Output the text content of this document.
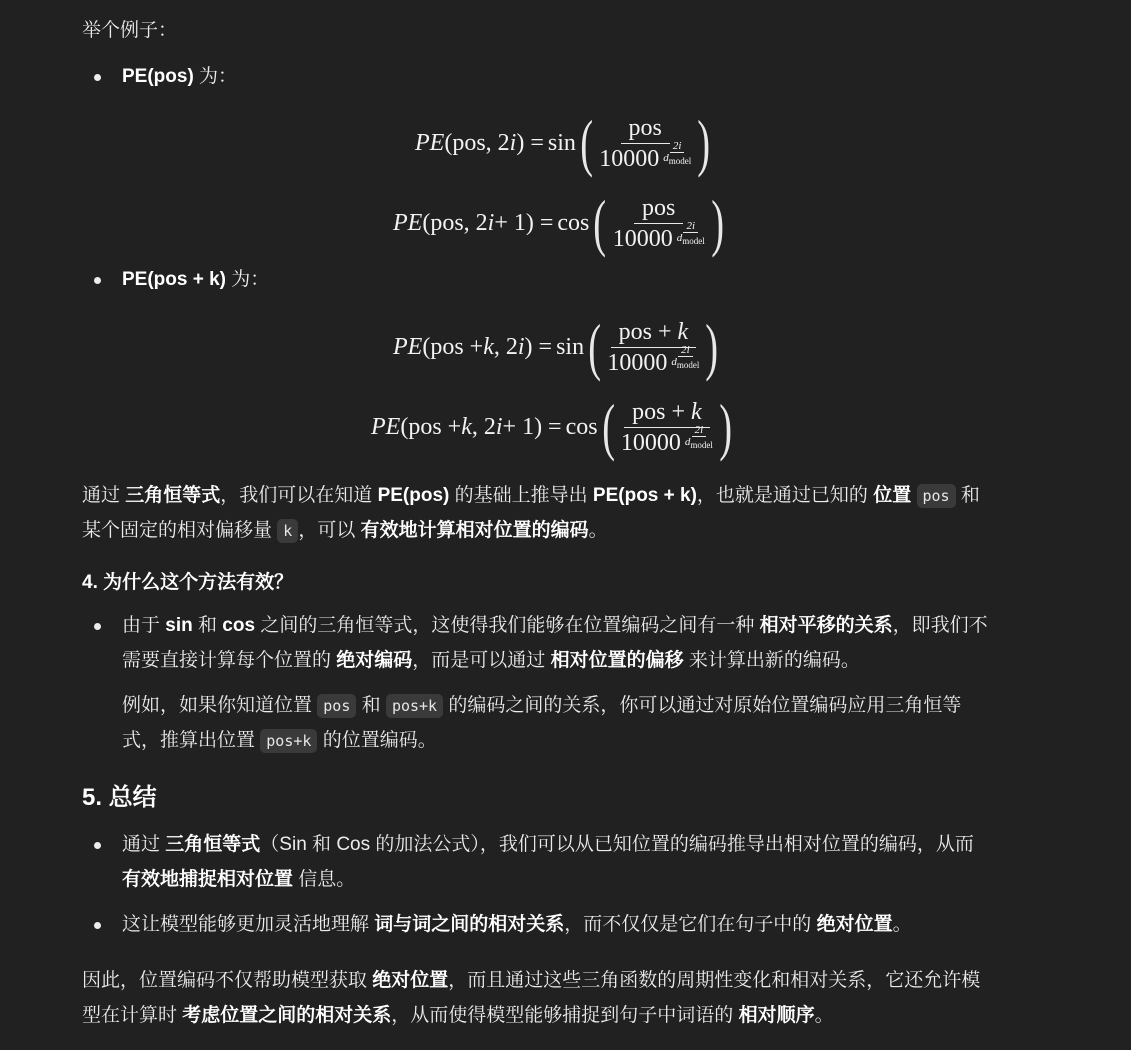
举个例子：
PE(pos) 为：
PE (pos, 2 i ) = sin ( pos
10000 2i
$d_{model}$ )
PE (pos, 2 i + 1) = cos ( pos
10000 2i
$d_{model}$ )
PE(pos + k) 为：
PE (pos + k , 2 i ) = sin ( pos + k
10000 2i
$d_{model}$ )
PE (pos + k , 2 i + 1) = cos ( pos + k
10000 2i
$d_{model}$ )
通过 三角恒等式，我们可以在知道 PE(pos) 的基础上推导出 PE(pos + k)，也就是通过已知的 位置 pos 和
某个固定的相对偏移量 k ，可以 有效地计算相对位置的编码。
4. 为什么这个方法有效？
由于 sin 和 cos 之间的三角恒等式，这使得我们能够在位置编码之间有一种 相对平移的关系，即我们不
需要直接计算每个位置的 绝对编码，而是可以通过 相对位置的偏移 来计算出新的编码。
例如，如果你知道位置 pos 和 pos+k 的编码之间的关系，你可以通过对原始位置编码应用三角恒等
式，推算出位置 pos+k 的位置编码。
5. 总结
通过 三角恒等式（Sin 和 Cos 的加法公式），我们可以从已知位置的编码推导出相对位置的编码，从而
有效地捕捉相对位置 信息。
这让模型能够更加灵活地理解 词与词之间的相对关系，而不仅仅是它们在句子中的 绝对位置。
因此，位置编码不仅帮助模型获取 绝对位置，而且通过这些三角函数的周期性变化和相对关系，它还允许模
型在计算时 考虑位置之间的相对关系，从而使得模型能够捕捉到句子中词语的 相对顺序。
